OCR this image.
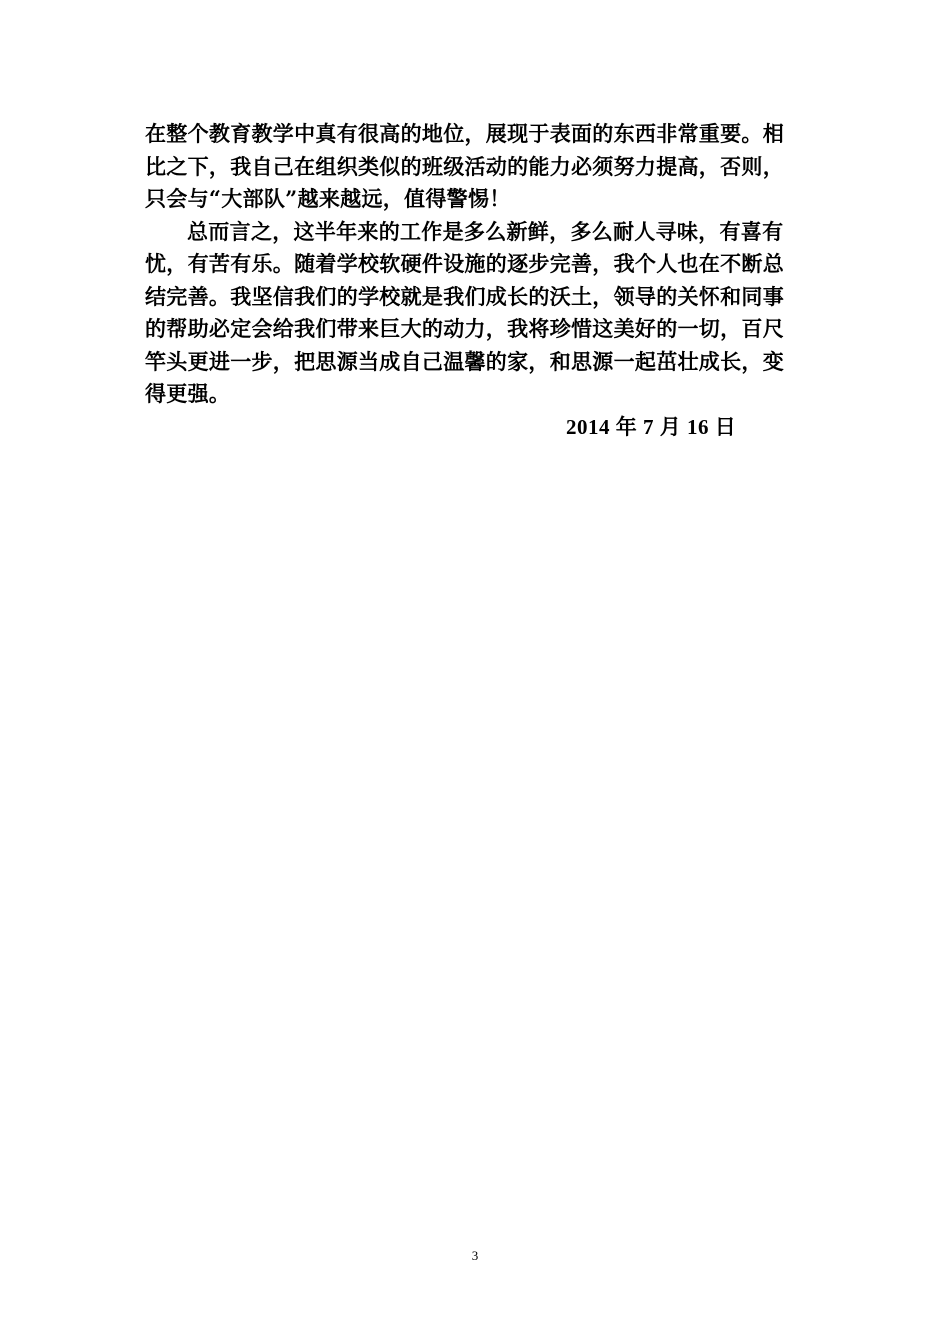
在整个教育教学中真有很高的地位，展现于表面的东西非常重要。相
比之下，我自己在组织类似的班级活动的能力必须努力提高，否则，
只会与“大部队”越来越远，值得警惕！
总而言之，这半年来的工作是多么新鲜，多么耐人寻味，有喜有
忧，有苦有乐。随着学校软硬件设施的逐步完善，我个人也在不断总
结完善。我坚信我们的学校就是我们成长的沃土，领导的关怀和同事
的帮助必定会给我们带来巨大的动力，我将珍惜这美好的一切，百尺
竿头更进一步，把思源当成自己温馨的家，和思源一起茁壮成长，变
得更强。
2014 年 7 月 16 日
3
